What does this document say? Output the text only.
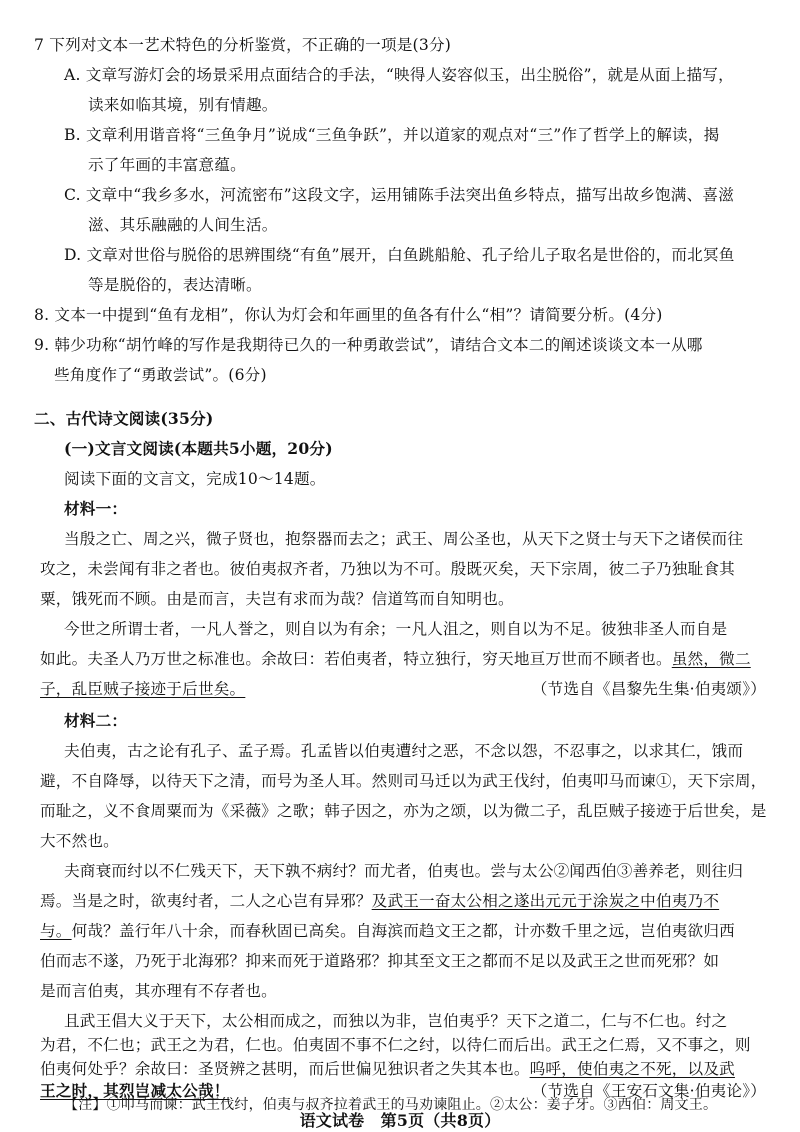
7 下列对文本一艺术特色的分析鉴赏，不正确的一项是(3分)
A. 文章写游灯会的场景采用点面结合的手法，“映得人姿容似玉，出尘脱俗”，就是从面上描写，
读来如临其境，别有情趣。
B. 文章利用谐音将“三鱼争月”说成“三鱼争跃”，并以道家的观点对“三”作了哲学上的解读，揭
示了年画的丰富意蕴。
C. 文章中“我乡多水，河流密布”这段文字，运用铺陈手法突出鱼乡特点，描写出故乡饱满、喜滋
滋、其乐融融的人间生活。
D. 文章对世俗与脱俗的思辨围绕“有鱼”展开，白鱼跳船舱、孔子给儿子取名是世俗的，而北冥鱼
等是脱俗的，表达清晰。
8. 文本一中提到“鱼有龙相”，你认为灯会和年画里的鱼各有什么“相”？请简要分析。(4分)
9. 韩少功称“胡竹峰的写作是我期待已久的一种勇敢尝试”，请结合文本二的阐述谈谈文本一从哪
些角度作了“勇敢尝试”。(6分)
二、古代诗文阅读(35分)
(一)文言文阅读(本题共5小题，20分)
阅读下面的文言文，完成10～14题。
材料一：
当殷之亡、周之兴，微子贤也，抱祭器而去之；武王、周公圣也，从天下之贤士与天下之诸侯而往
攻之，未尝闻有非之者也。彼伯夷叔齐者，乃独以为不可。殷既灭矣，天下宗周，彼二子乃独耻食其
粟，饿死而不顾。由是而言，夫岂有求而为哉？信道笃而自知明也。
今世之所谓士者，一凡人誉之，则自以为有余；一凡人沮之，则自以为不足。彼独非圣人而自是
如此。夫圣人乃万世之标准也。余故曰：若伯夷者，特立独行，穷天地亘万世而不顾者也。虽然，微二
子，乱臣贼子接迹于后世矣。	（节选自《昌黎先生集·伯夷颂》）
材料二：
夫伯夷，古之论有孔子、孟子焉。孔孟皆以伯夷遭纣之恶，不念以怨，不忍事之，以求其仁，饿而
避，不自降辱，以待天下之清，而号为圣人耳。然则司马迁以为武王伐纣，伯夷叩马而谏①，天下宗周，
而耻之，义不食周粟而为《采薇》之歌；韩子因之，亦为之颂，以为微二子，乱臣贼子接迹于后世矣，是
大不然也。
夫商衰而纣以不仁残天下，天下孰不病纣？而尤者，伯夷也。尝与太公②闻西伯③善养老，则往归
焉。当是之时，欲夷纣者，二人之心岂有异邪？及武王一奋太公相之遂出元元于涂炭之中伯夷乃不
与。何哉？盖行年八十余，而春秋固已高矣。自海滨而趋文王之都，计亦数千里之远，岂伯夷欲归西
伯而志不遂，乃死于北海邪？抑来而死于道路邪？抑其至文王之都而不足以及武王之世而死邪？如
是而言伯夷，其亦理有不存者也。
且武王倡大义于天下，太公相而成之，而独以为非，岂伯夷乎？天下之道二，仁与不仁也。纣之
为君，不仁也；武王之为君，仁也。伯夷固不事不仁之纣，以待仁而后出。武王之仁焉，又不事之，则
伯夷何处乎？余故曰：圣贤辨之甚明，而后世偏见独识者之失其本也。呜呼，使伯夷之不死，以及武
王之时，其烈岂减太公哉！	（节选自《王安石文集·伯夷论》）
【注】①叩马而谏：武王伐纣，伯夷与叔齐拉着武王的马劝谏阻止。②太公：姜子牙。③西伯：周文王。
语文试卷　第5页（共8页）
